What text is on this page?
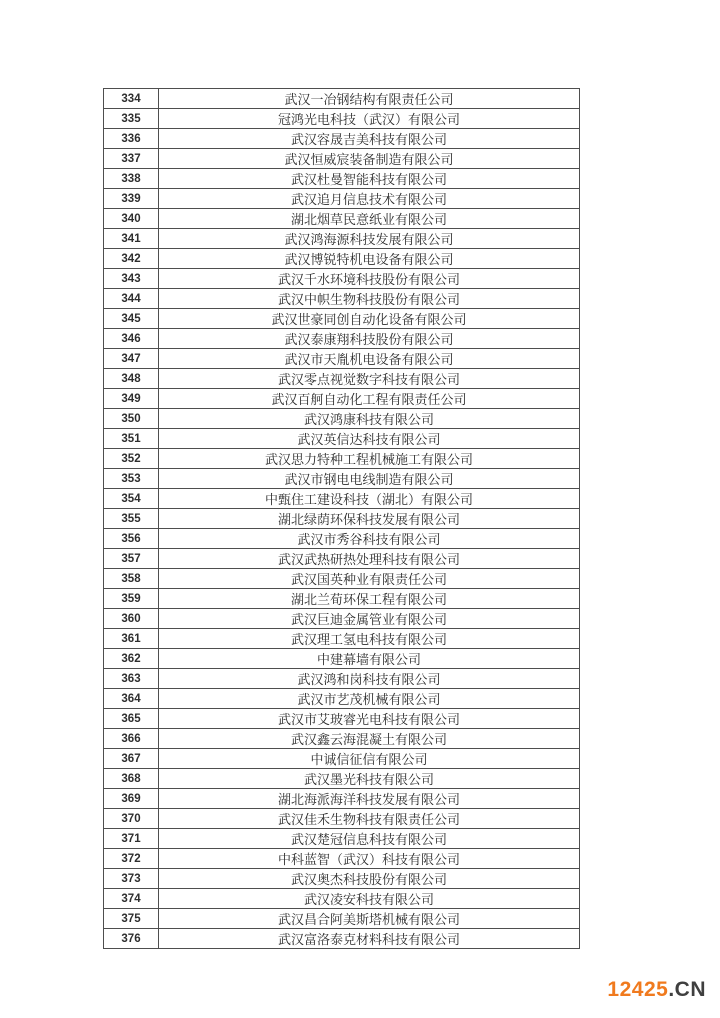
334	武汉一冶钢结构有限责任公司
335	冠鸿光电科技（武汉）有限公司
336	武汉容晟吉美科技有限公司
337	武汉恒威宸装备制造有限公司
338	武汉杜曼智能科技有限公司
339	武汉追月信息技术有限公司
340	湖北烟草民意纸业有限公司
341	武汉鸿海源科技发展有限公司
342	武汉博锐特机电设备有限公司
343	武汉千水环境科技股份有限公司
344	武汉中帜生物科技股份有限公司
345	武汉世豪同创自动化设备有限公司
346	武汉泰康翔科技股份有限公司
347	武汉市天胤机电设备有限公司
348	武汉零点视觉数字科技有限公司
349	武汉百舸自动化工程有限责任公司
350	武汉鸿康科技有限公司
351	武汉英信达科技有限公司
352	武汉思力特种工程机械施工有限公司
353	武汉市钢电电线制造有限公司
354	中甄住工建设科技（湖北）有限公司
355	湖北绿荫环保科技发展有限公司
356	武汉市秀谷科技有限公司
357	武汉武热研热处理科技有限公司
358	武汉国英种业有限责任公司
359	湖北兰荀环保工程有限公司
360	武汉巨迪金属管业有限公司
361	武汉理工氢电科技有限公司
362	中建幕墙有限公司
363	武汉鸿和岗科技有限公司
364	武汉市艺茂机械有限公司
365	武汉市艾玻睿光电科技有限公司
366	武汉鑫云海混凝土有限公司
367	中诚信征信有限公司
368	武汉墨光科技有限公司
369	湖北海派海洋科技发展有限公司
370	武汉佳禾生物科技有限责任公司
371	武汉楚冠信息科技有限公司
372	中科蓝智（武汉）科技有限公司
373	武汉奥杰科技股份有限公司
374	武汉凌安科技有限公司
375	武汉昌合阿美斯塔机械有限公司
376	武汉富洛泰克材料科技有限公司
12425.CN
